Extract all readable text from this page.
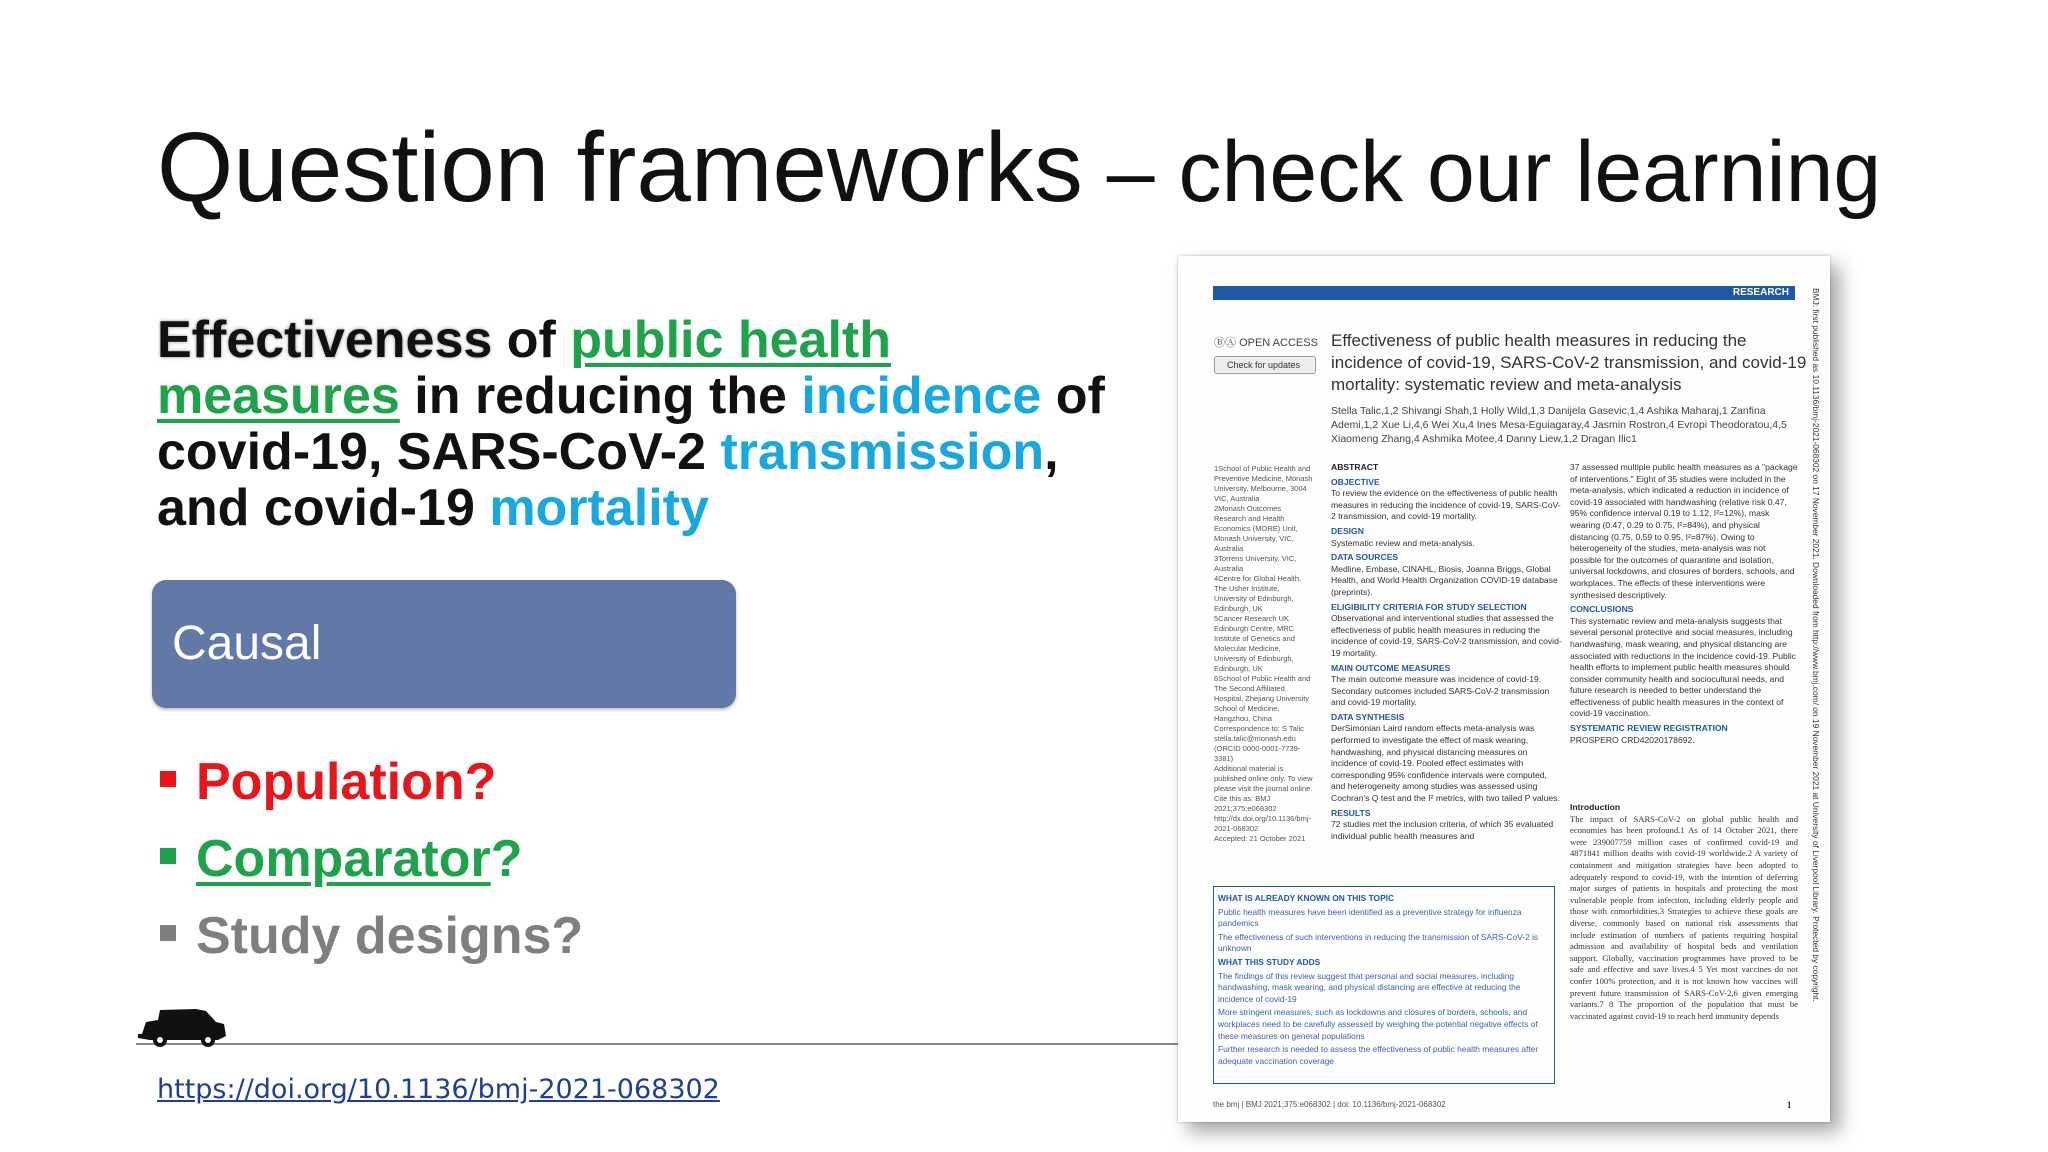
Question frameworks – check our learning

Effectiveness of public health measures in reducing the incidence of covid-19, SARS-CoV-2 transmission, and covid-19 mortality

Causal
Population?
Comparator?
Study designs?
https://doi.org/10.1136/bmj-2021-068302
RESEARCH
ⒷⒶ OPEN ACCESS
Check for updates
Effectiveness of public health measures in reducing the incidence of covid-19, SARS-CoV-2 transmission, and covid-19 mortality: systematic review and meta-analysis
Stella Talic,1,2 Shivangi Shah,1 Holly Wild,1,3 Danijela Gasevic,1,4 Ashika Maharaj,1 Zanfina Ademi,1,2 Xue Li,4,6 Wei Xu,4 Ines Mesa-Eguiagaray,4 Jasmin Rostron,4 Evropi Theodoratou,4,5 Xiaomeng Zhang,4 Ashmika Motee,4 Danny Liew,1,2 Dragan Ilic1
1School of Public Health and Preventive Medicine, Monash University, Melbourne, 3004 VIC, Australia
2Monash Outcomes Research and Health Economics (MORE) Unit, Monash University, VIC, Australia
3Torrens University, VIC, Australia
4Centre for Global Health, The Usher Institute, University of Edinburgh, Edinburgh, UK
5Cancer Research UK Edinburgh Centre, MRC Institute of Genetics and Molecular Medicine, University of Edinburgh, Edinburgh, UK
6School of Public Health and The Second Affiliated Hospital, Zhejiang University School of Medicine, Hangzhou, China
Correspondence to: S Talic stella.talic@monash.edu (ORCID 0000-0001-7739-3381)
Additional material is published online only. To view please visit the journal online.
Cite this as: BMJ 2021;375:e068302 http://dx.doi.org/10.1136/bmj-2021-068302
Accepted: 21 October 2021
ABSTRACT
OBJECTIVE
To review the evidence on the effectiveness of public health measures in reducing the incidence of covid-19, SARS-CoV-2 transmission, and covid-19 mortality.
DESIGN
Systematic review and meta-analysis.
DATA SOURCES
Medline, Embase, CINAHL, Biosis, Joanna Briggs, Global Health, and World Health Organization COVID-19 database (preprints).
ELIGIBILITY CRITERIA FOR STUDY SELECTION
Observational and interventional studies that assessed the effectiveness of public health measures in reducing the incidence of covid-19, SARS-CoV-2 transmission, and covid-19 mortality.
MAIN OUTCOME MEASURES
The main outcome measure was incidence of covid-19. Secondary outcomes included SARS-CoV-2 transmission and covid-19 mortality.
DATA SYNTHESIS
DerSimonian Laird random effects meta-analysis was performed to investigate the effect of mask wearing, handwashing, and physical distancing measures on incidence of covid-19. Pooled effect estimates with corresponding 95% confidence intervals were computed, and heterogeneity among studies was assessed using Cochran's Q test and the I² metrics, with two tailed P values.
RESULTS
72 studies met the inclusion criteria, of which 35 evaluated individual public health measures and
37 assessed multiple public health measures as a "package of interventions." Eight of 35 studies were included in the meta-analysis, which indicated a reduction in incidence of covid-19 associated with handwashing (relative risk 0.47, 95% confidence interval 0.19 to 1.12, I²=12%), mask wearing (0.47, 0.29 to 0.75, I²=84%), and physical distancing (0.75, 0.59 to 0.95, I²=87%). Owing to heterogeneity of the studies, meta-analysis was not possible for the outcomes of quarantine and isolation, universal lockdowns, and closures of borders, schools, and workplaces. The effects of these interventions were synthesised descriptively.
CONCLUSIONS
This systematic review and meta-analysis suggests that several personal protective and social measures, including handwashing, mask wearing, and physical distancing are associated with reductions in the incidence covid-19. Public health efforts to implement public health measures should consider community health and sociocultural needs, and future research is needed to better understand the effectiveness of public health measures in the context of covid-19 vaccination.
SYSTEMATIC REVIEW REGISTRATION
PROSPERO CRD42020178692.
Introduction
The impact of SARS-CoV-2 on global public health and economies has been profound.1 As of 14 October 2021, there were 239007759 million cases of confirmed covid-19 and 4871841 million deaths with covid-19 worldwide.2 A variety of containment and mitigation strategies have been adopted to adequately respond to covid-19, with the intention of deferring major surges of patients in hospitals and protecting the most vulnerable people from infection, including elderly people and those with comorbidities.3 Strategies to achieve these goals are diverse, commonly based on national risk assessments that include estimation of numbers of patients requiring hospital admission and availability of hospital beds and ventilation support. Globally, vaccination programmes have proved to be safe and effective and save lives.4 5 Yet most vaccines do not confer 100% protection, and it is not known how vaccines will prevent future transmission of SARS-CoV-2,6 given emerging variants.7 8 The proportion of the population that must be vaccinated against covid-19 to reach herd immunity depends
WHAT IS ALREADY KNOWN ON THIS TOPIC
Public health measures have been identified as a preventive strategy for influenza pandemics
The effectiveness of such interventions in reducing the transmission of SARS-CoV-2 is unknown
WHAT THIS STUDY ADDS
The findings of this review suggest that personal and social measures, including handwashing, mask wearing, and physical distancing are effective at reducing the incidence of covid-19
More stringent measures, such as lockdowns and closures of borders, schools, and workplaces need to be carefully assessed by weighing the potential negative effects of these measures on general populations
Further research is needed to assess the effectiveness of public health measures after adequate vaccination coverage
the bmj | BMJ 2021;375:e068302 | doi: 10.1136/bmj-2021-068302	1
BMJ: first published as 10.1136/bmj-2021-068302 on 17 November 2021. Downloaded from http://www.bmj.com/ on 19 November 2021 at University of Liverpool Library. Protected by copyright.
